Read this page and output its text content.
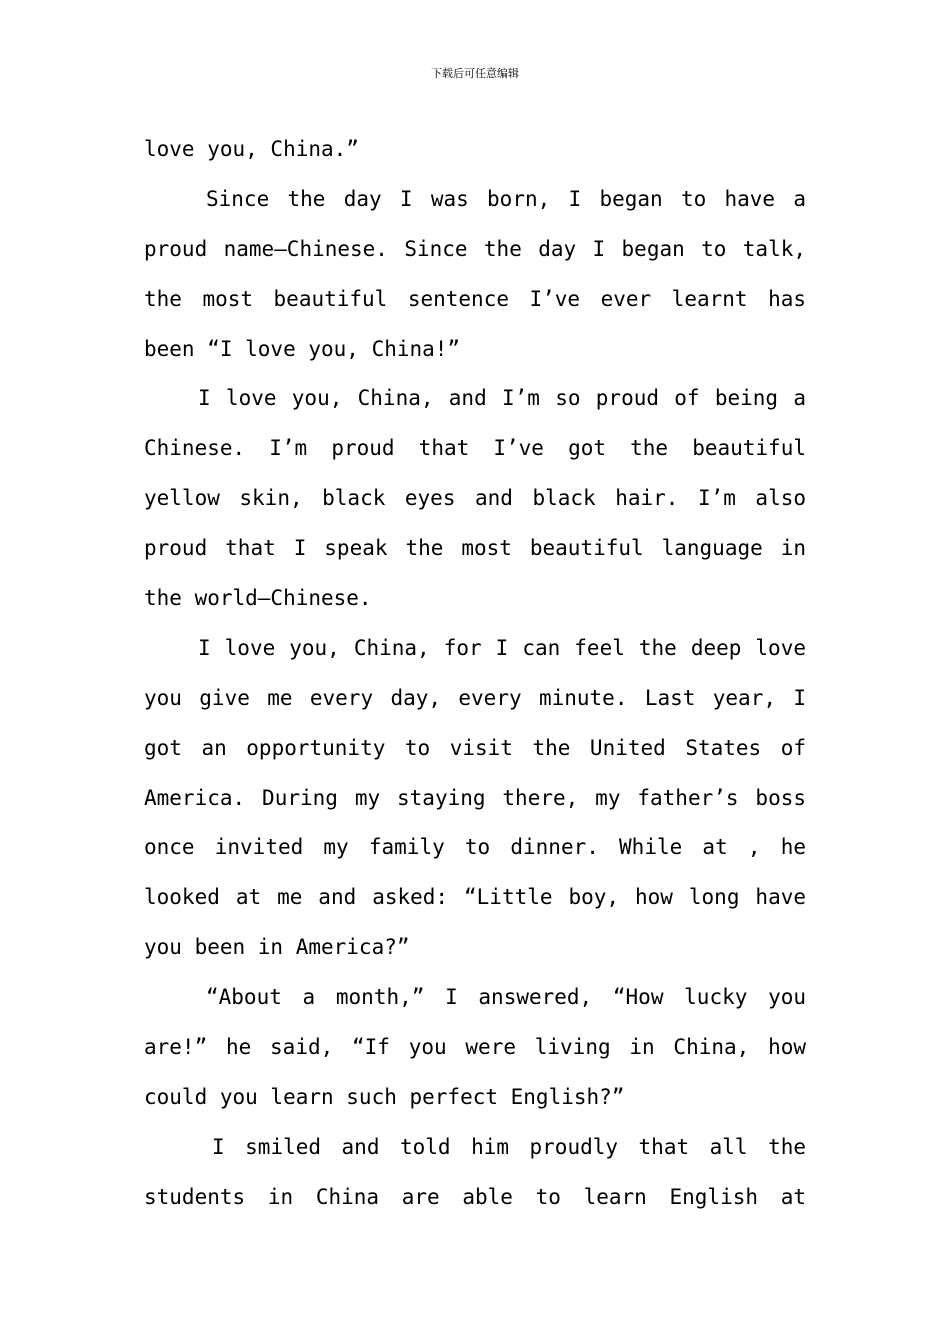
下载后可任意编辑
love you, China.”
Since the day I was born, I began to have a
proud name—Chinese. Since the day I began to talk,
the most beautiful sentence I’ve ever learnt has
been “I love you, China!”
I love you, China, and I’m so proud of being a
Chinese. I’m proud that I’ve got the beautiful
yellow skin, black eyes and black hair. I’m also
proud that I speak the most beautiful language in
the world—Chinese.
I love you, China, for I can feel the deep love
you give me every day, every minute. Last year, I
got an opportunity to visit the United States of
America. During my staying there, my father’s boss
once invited my family to dinner. While at , he
looked at me and asked: “Little boy, how long have
you been in America?”
“About a month,” I answered, “How lucky you
are!” he said, “If you were living in China, how
could you learn such perfect English?”
I smiled and told him proudly that all the
students in China are able to learn English at
